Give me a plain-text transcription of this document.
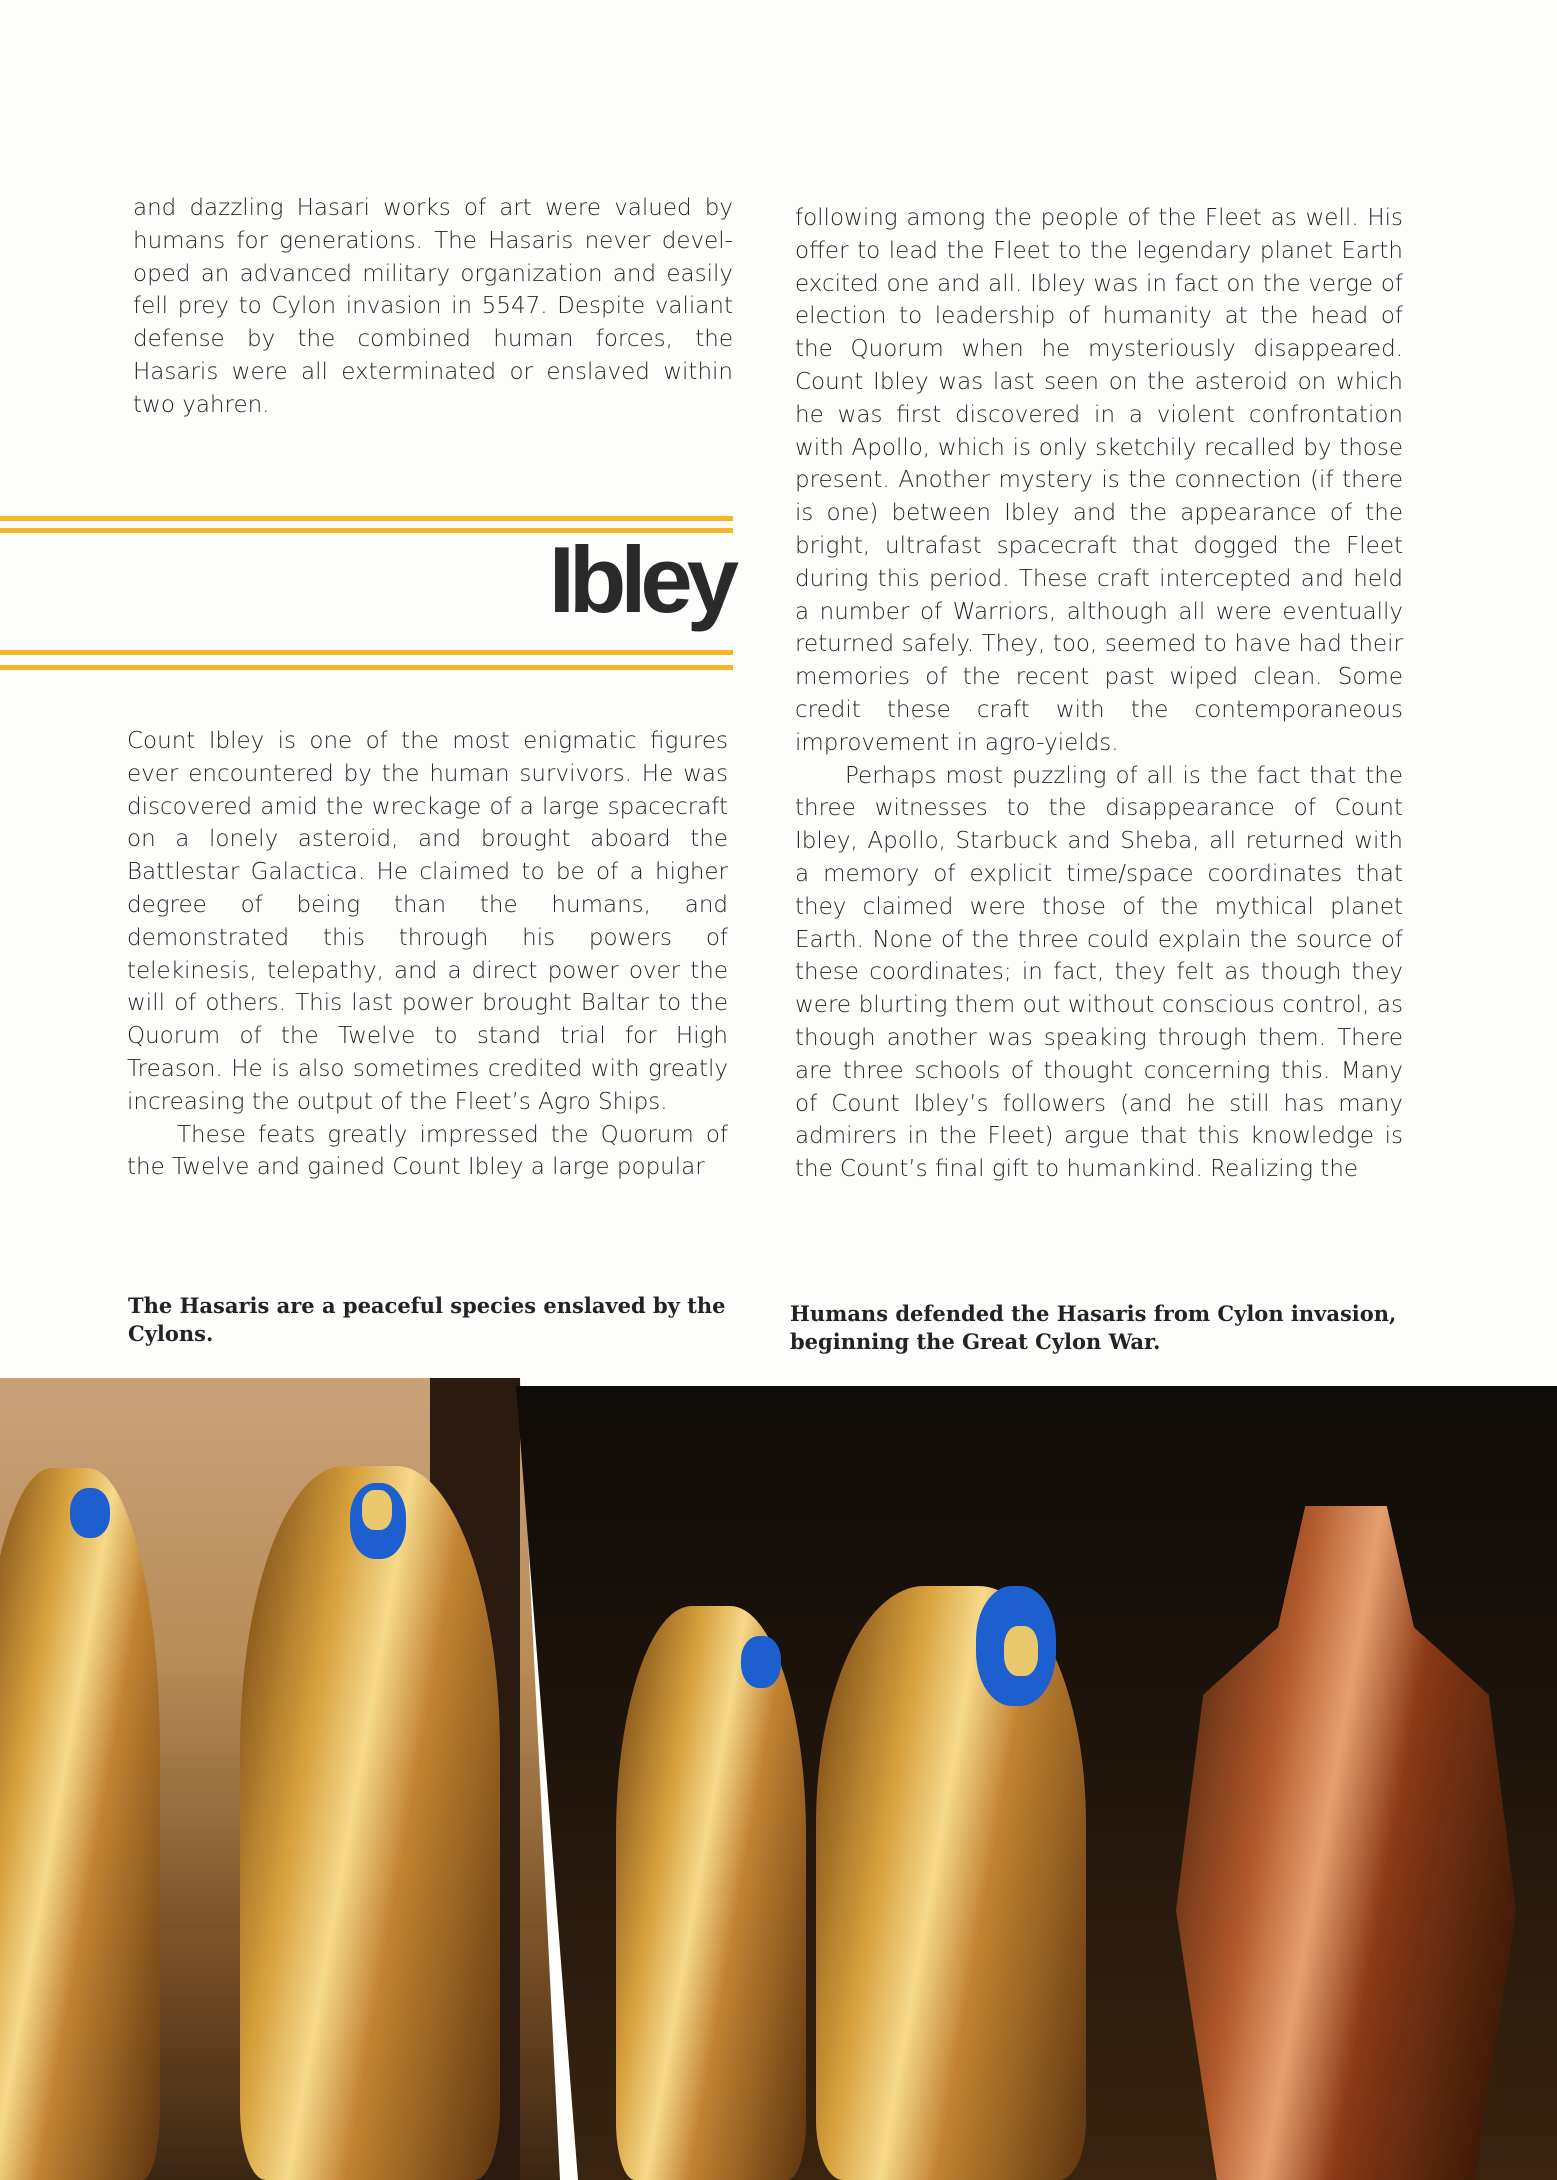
and dazzling Hasari works of art were valued by humans for generations. The Hasaris never developed an advanced military organization and easily fell prey to Cylon invasion in 5547. Despite valiant defense by the combined human forces, the Hasaris were all exterminated or enslaved within two yahren.

Ibley

Count Ibley is one of the most enigmatic figures ever encountered by the human survivors. He was discovered amid the wreckage of a large spacecraft on a lonely asteroid, and brought aboard the Battlestar Galactica. He claimed to be of a higher degree of being than the humans, and demonstrated this through his powers of telekinesis, telepathy, and a direct power over the will of others. This last power brought Baltar to the Quorum of the Twelve to stand trial for High Treason. He is also sometimes credited with greatly increasing the output of the Fleet’s Agro Ships.

These feats greatly impressed the Quorum of the Twelve and gained Count Ibley a large popular

following among the people of the Fleet as well. His offer to lead the Fleet to the legendary planet Earth excited one and all. Ibley was in fact on the verge of election to leadership of humanity at the head of the Quorum when he mysteriously disappeared. Count Ibley was last seen on the asteroid on which he was first discovered in a violent confrontation with Apollo, which is only sketchily recalled by those present. Another mystery is the connection (if there is one) between Ibley and the appearance of the bright, ultrafast spacecraft that dogged the Fleet during this period. These craft intercepted and held a number of Warriors, although all were eventually returned safely. They, too, seemed to have had their memories of the recent past wiped clean. Some credit these craft with the contemporaneous improvement in agro-yields.

Perhaps most puzzling of all is the fact that the three witnesses to the disappearance of Count Ibley, Apollo, Starbuck and Sheba, all returned with a memory of explicit time/space coordinates that they claimed were those of the mythical planet Earth. None of the three could explain the source of these coordinates; in fact, they felt as though they were blurting them out without conscious control, as though another was speaking through them. There are three schools of thought concerning this. Many of Count Ibley’s followers (and he still has many admirers in the Fleet) argue that this knowledge is the Count’s final gift to humankind. Realizing the

The Hasaris are a peaceful species enslaved by the Cylons.
Humans defended the Hasaris from Cylon invasion, beginning the Great Cylon War.
